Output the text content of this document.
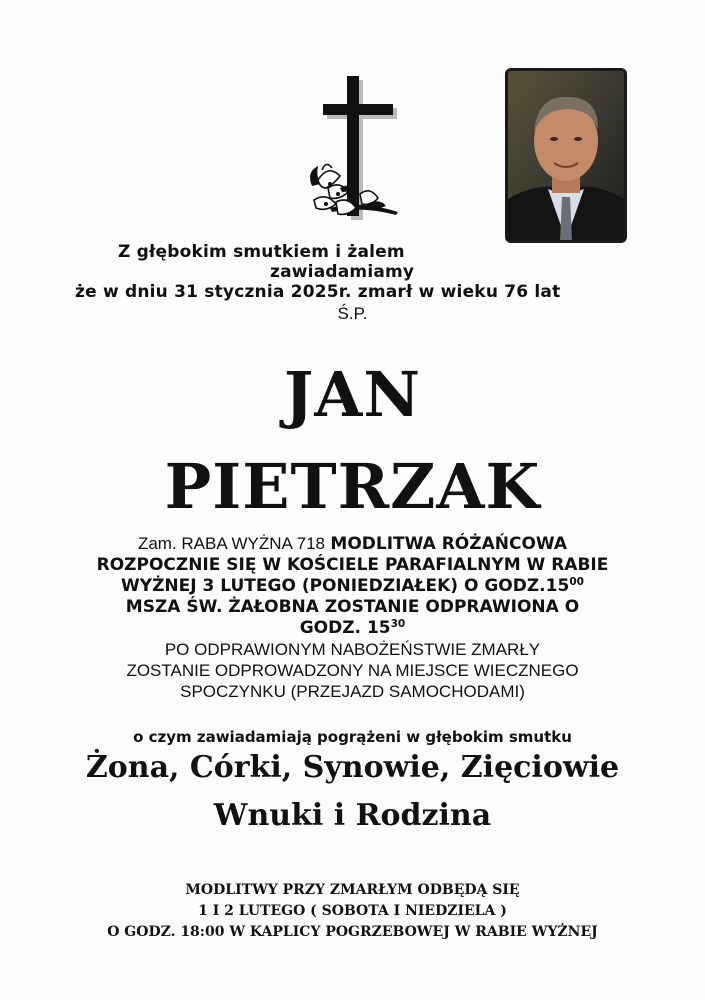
Z głębokim smutkiem i żalem
zawiadamiamy
że w dniu 31 stycznia 2025r. zmarł w wieku 76 lat
Ś.P.
JAN
PIETRZAK
Zam. RABA WYŻNA 718 MODLITWA RÓŻAŃCOWA
ROZPOCZNIE SIĘ W KOŚCIELE PARAFIALNYM W RABIE
WYŻNEJ 3 LUTEGO (PONIEDZIAŁEK) O $GODZ.15^{00}$
MSZA ŚW. ŻAŁOBNA ZOSTANIE ODPRAWIONA O
GODZ. $15^{30}$
PO ODPRAWIONYM NABOŻEŃSTWIE ZMARŁY
ZOSTANIE ODPROWADZONY NA MIEJSCE WIECZNEGO
SPOCZYNKU (PRZEJAZD SAMOCHODAMI)
o czym zawiadamiają pogrążeni w głębokim smutku
Żona, Córki, Synowie, Zięciowie
Wnuki i Rodzina
MODLITWY PRZY ZMARŁYM ODBĘDĄ SIĘ
1 I 2 LUTEGO ( SOBOTA I NIEDZIELA )
O GODZ. 18:00 W KAPLICY POGRZEBOWEJ W RABIE WYŻNEJ
